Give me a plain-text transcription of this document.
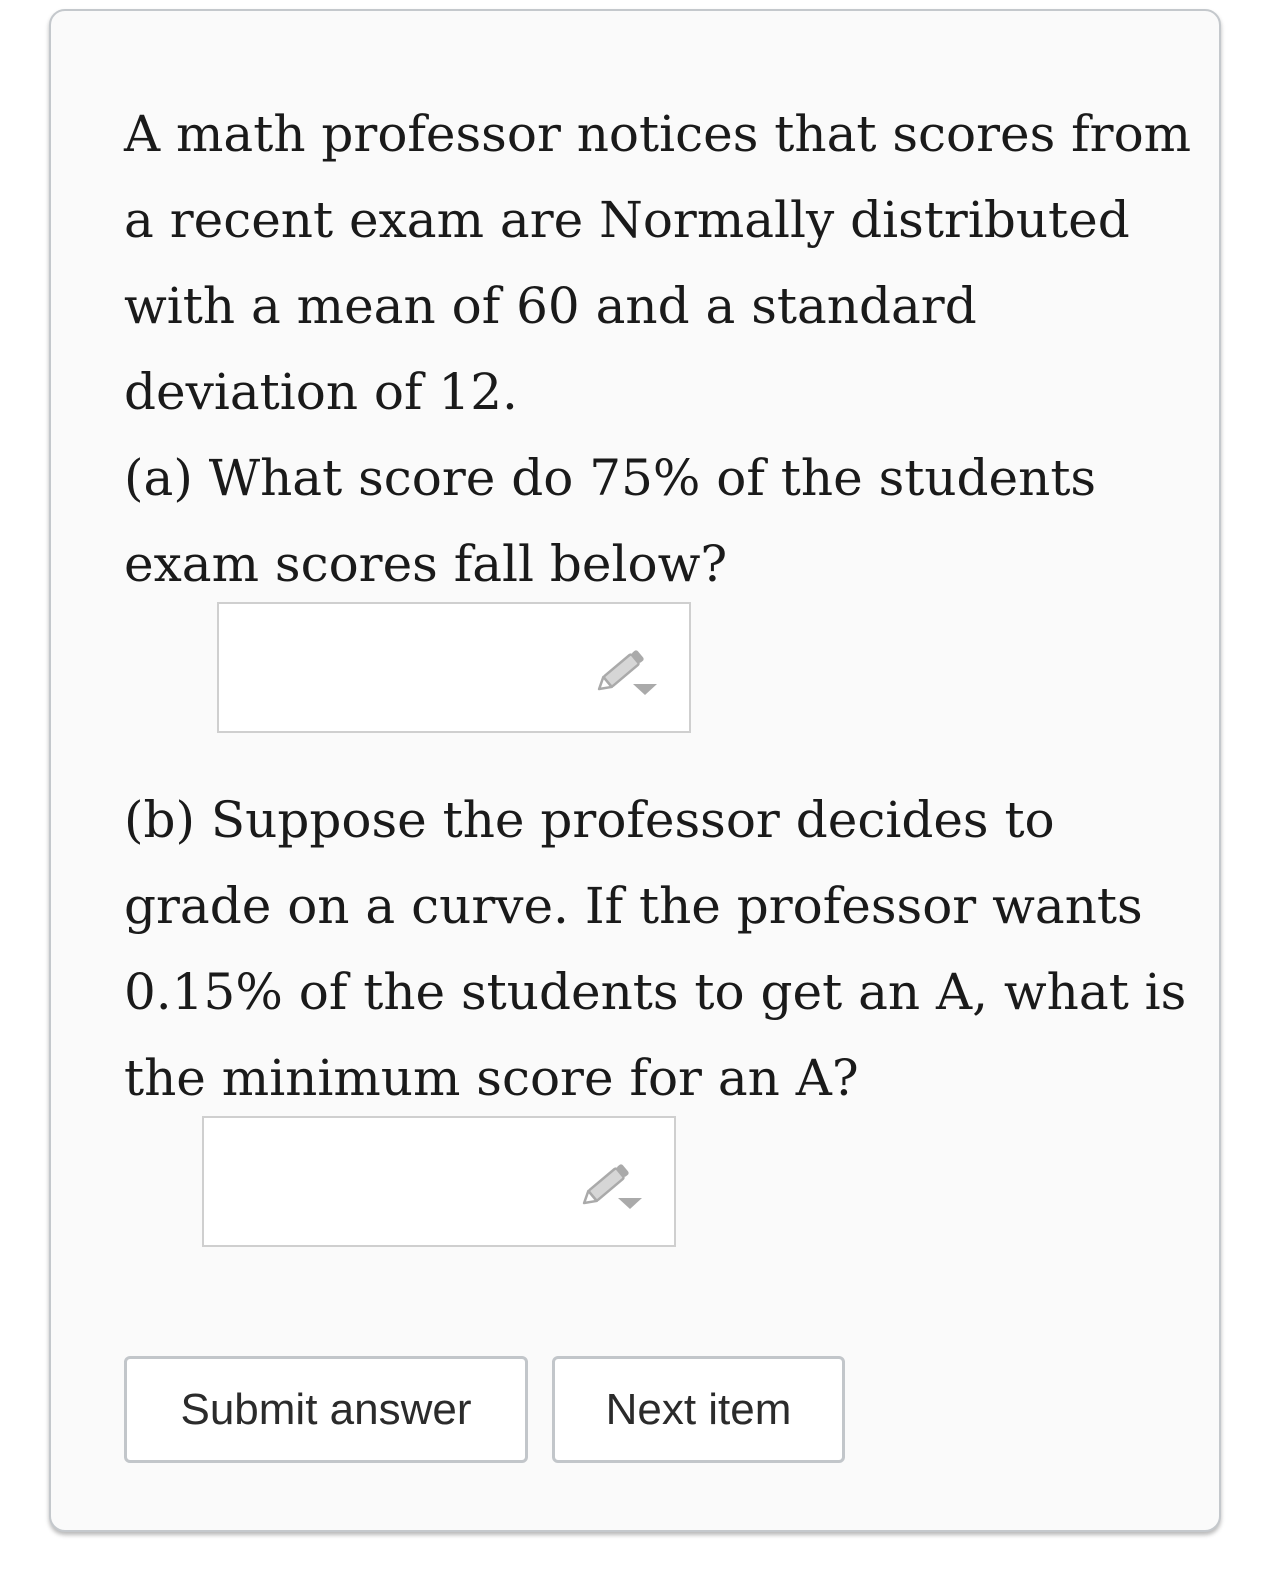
A math professor notices that scores from
a recent exam are Normally distributed
with a mean of 60 and a standard
deviation of 12.

(a) What score do 75% of the students
exam scores fall below?

(b) Suppose the professor decides to
grade on a curve. If the professor wants
0.15% of the students to get an A, what is
the minimum score for an A?

Submit answer	Next item
